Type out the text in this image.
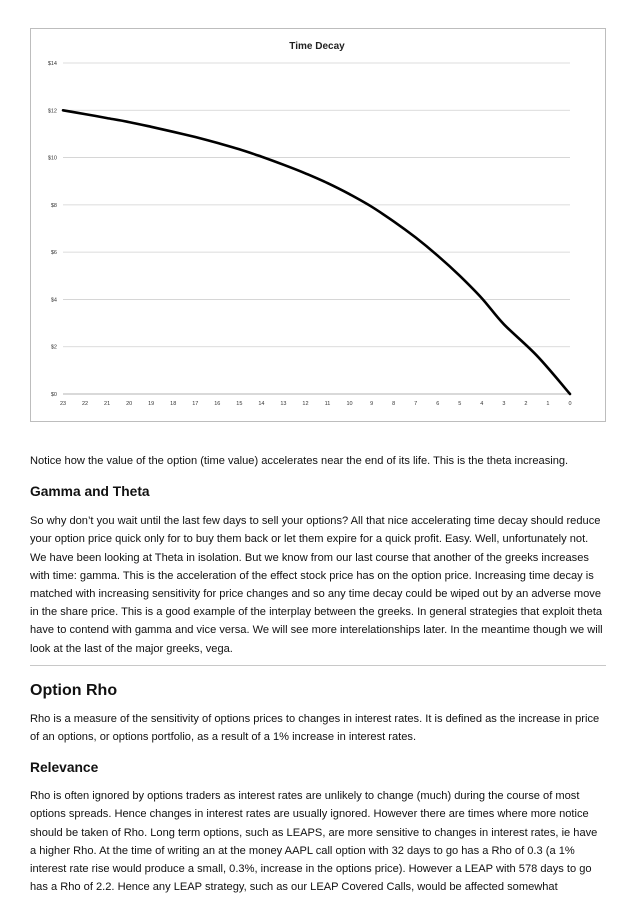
Time Decay
$0
$2
$4
$6
$8
$10
$12
$14
23	22	21	20	19	18	17	16	15	14	13	12	11	10	9	8	7	6	5	4	3	2	1	0

Notice how the value of the option (time value) accelerates near the end of its life. This is the theta increasing.

Gamma and Theta

So why don’t you wait until the last few days to sell your options? All that nice accelerating time decay should reduce your option price quick only for to buy them back or let them expire for a quick profit. Easy. Well, unfortunately not. We have been looking at Theta in isolation. But we know from our last course that another of the greeks increases with time: gamma. This is the acceleration of the effect stock price has on the option price. Increasing time decay is matched with increasing sensitivity for price changes and so any time decay could be wiped out by an adverse move in the share price. This is a good example of the interplay between the greeks. In general strategies that exploit theta have to contend with gamma and vice versa. We will see more interelationships later. In the meantime though we will look at the last of the major greeks, vega.

Option Rho

Rho is a measure of the sensitivity of options prices to changes in interest rates. It is defined as the increase in price of an options, or options portfolio, as a result of a 1% increase in interest rates.

Relevance

Rho is often ignored by options traders as interest rates are unlikely to change (much) during the course of most options spreads. Hence changes in interest rates are usually ignored. However there are times where more notice should be taken of Rho. Long term options, such as LEAPS, are more sensitive to changes in interest rates, ie have a higher Rho. At the time of writing an at the money AAPL call option with 32 days to go has a Rho of 0.3 (a 1% interest rate rise would produce a small, 0.3%, increase in the options price). However a LEAP with 578 days to go has a Rho of 2.2. Hence any LEAP strategy, such as our LEAP Covered Calls, would be affected somewhat
